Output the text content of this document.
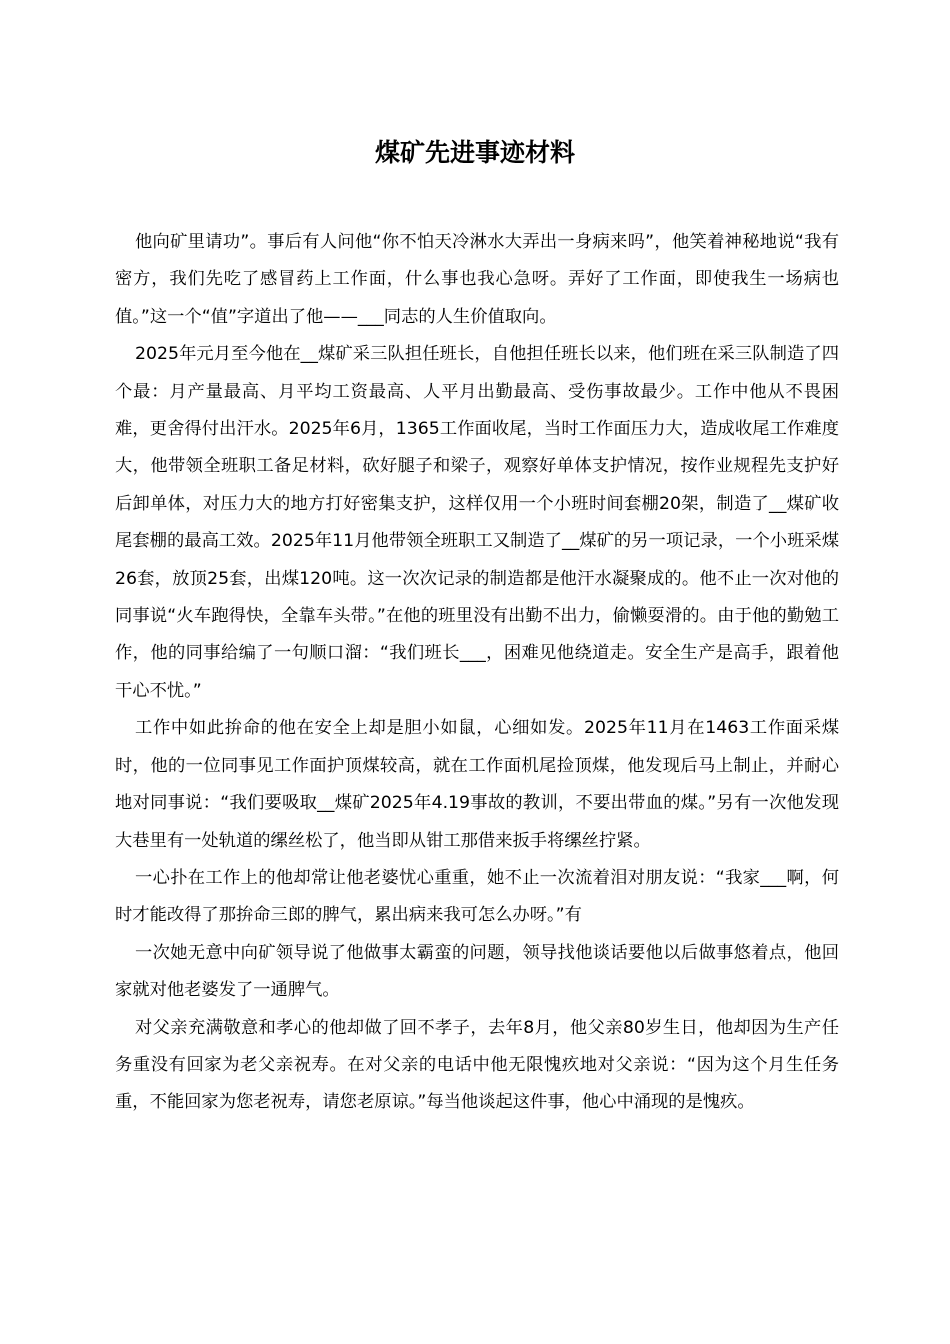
煤矿先进事迹材料

他向矿里请功”。事后有人问他“你不怕天冷淋水大弄出一身病来吗”，他笑着神秘地说“我有密方，我们先吃了感冒药上工作面，什么事也我心急呀。弄好了工作面，即使我生一场病也值。”这一个“值”字道出了他——___同志的人生价值取向。

2025年元月至今他在__煤矿采三队担任班长，自他担任班长以来，他们班在采三队制造了四个最：月产量最高、月平均工资最高、人平月出勤最高、受伤事故最少。工作中他从不畏困难，更舍得付出汗水。2025年6月，1365工作面收尾，当时工作面压力大，造成收尾工作难度大，他带领全班职工备足材料，砍好腿子和梁子，观察好单体支护情况，按作业规程先支护好后卸单体，对压力大的地方打好密集支护，这样仅用一个小班时间套棚20架，制造了__煤矿收尾套棚的最高工效。2025年11月他带领全班职工又制造了__煤矿的另一项记录，一个小班采煤26套，放顶25套，出煤120吨。这一次次记录的制造都是他汗水凝聚成的。他不止一次对他的同事说“火车跑得快，全靠车头带。”在他的班里没有出勤不出力，偷懒耍滑的。由于他的勤勉工作，他的同事给编了一句顺口溜：“我们班长___，困难见他绕道走。安全生产是高手，跟着他干心不忧。”

工作中如此拚命的他在安全上却是胆小如鼠，心细如发。2025年11月在1463工作面采煤时，他的一位同事见工作面护顶煤较高，就在工作面机尾捡顶煤，他发现后马上制止，并耐心地对同事说：“我们要吸取__煤矿2025年4.19事故的教训，不要出带血的煤。”另有一次他发现大巷里有一处轨道的缧丝松了，他当即从钳工那借来扳手将缧丝拧紧。

一心扑在工作上的他却常让他老婆忧心重重，她不止一次流着泪对朋友说：“我家___啊，何时才能改得了那拚命三郎的脾气，累出病来我可怎么办呀。”有

一次她无意中向矿领导说了他做事太霸蛮的问题，领导找他谈话要他以后做事悠着点，他回家就对他老婆发了一通脾气。

对父亲充满敬意和孝心的他却做了回不孝子，去年8月，他父亲80岁生日，他却因为生产任务重没有回家为老父亲祝寿。在对父亲的电话中他无限愧疚地对父亲说：“因为这个月生任务重，不能回家为您老祝寿，请您老原谅。”每当他谈起这件事，他心中涌现的是愧疚。
